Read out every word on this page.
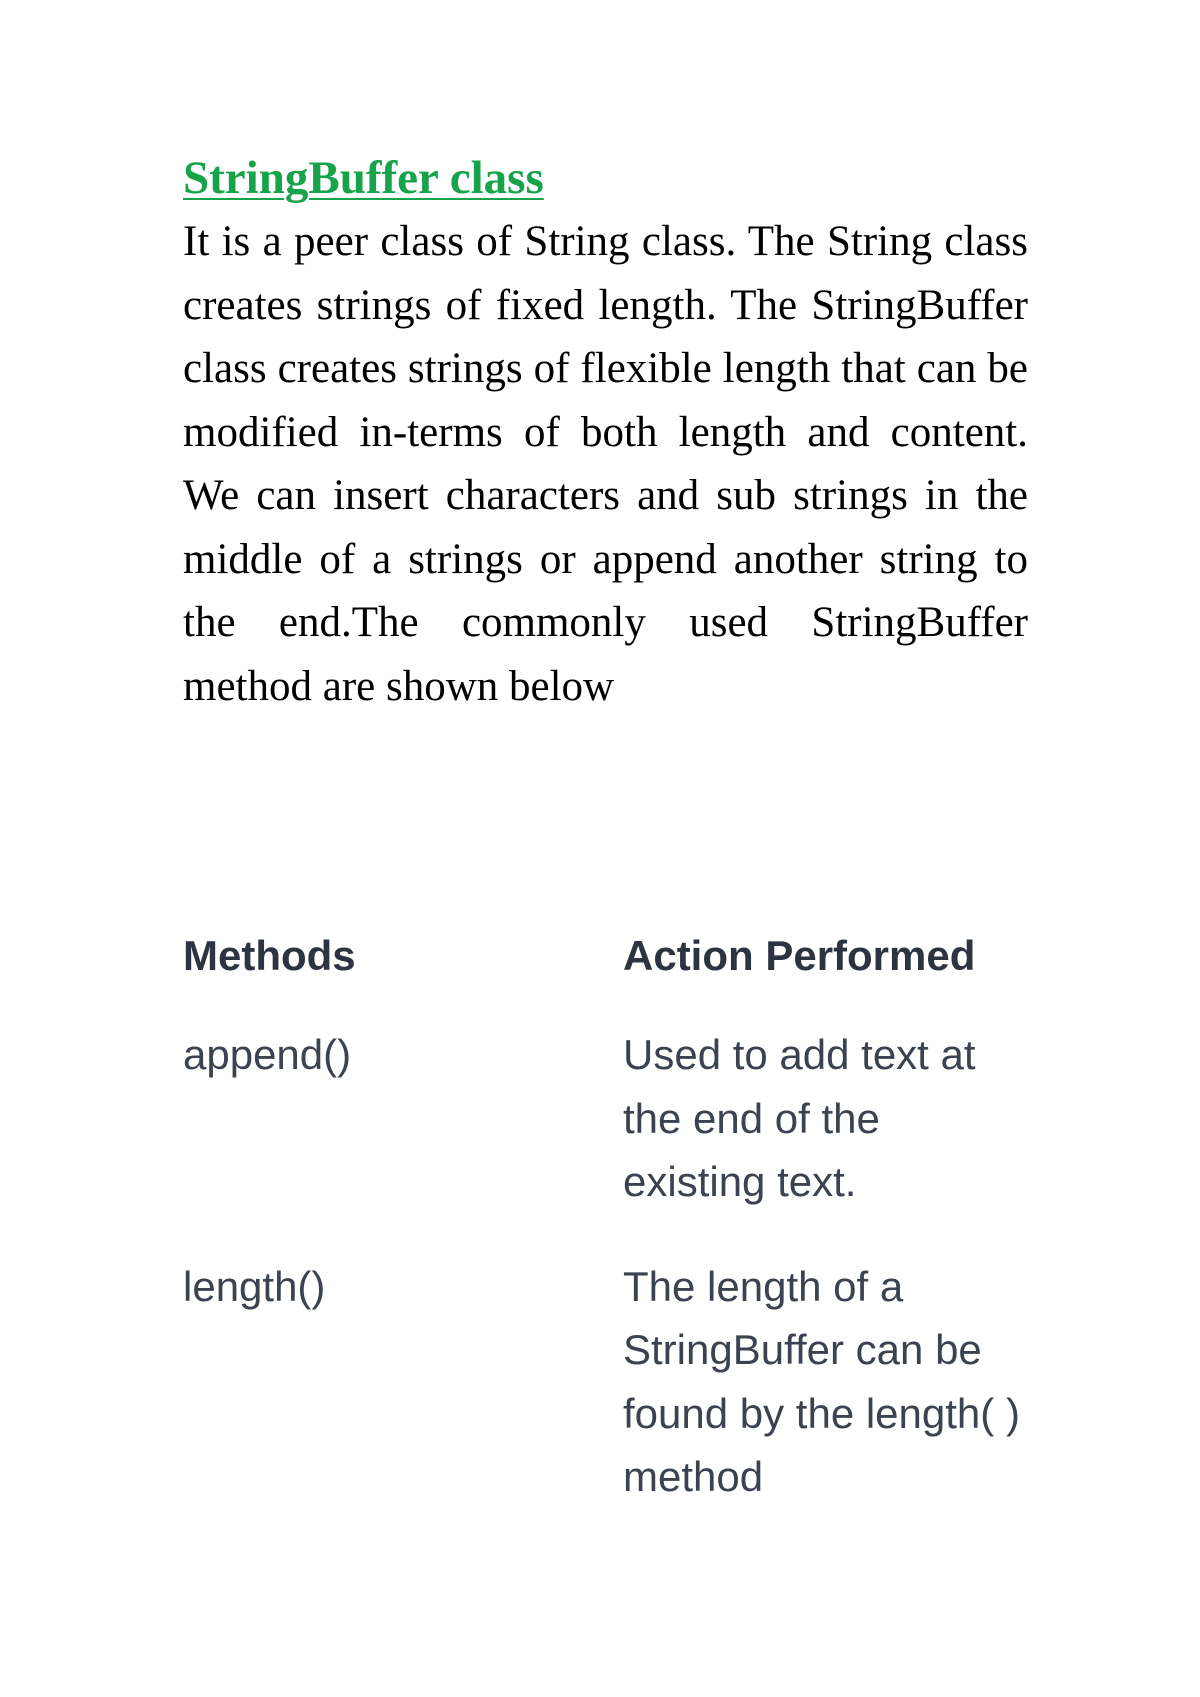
StringBuffer class

It is a peer class of String class. The String class creates strings of fixed length. The StringBuffer class creates strings of flexible length that can be modified in-terms of both length and content. We can insert characters and sub strings in the middle of a strings or append another string to the end.The commonly used StringBuffer method are shown below

Methods	Action Performed
append()	Used to add text at the end of the existing text.
length()	The length of a StringBuffer can be found by the length( ) method
